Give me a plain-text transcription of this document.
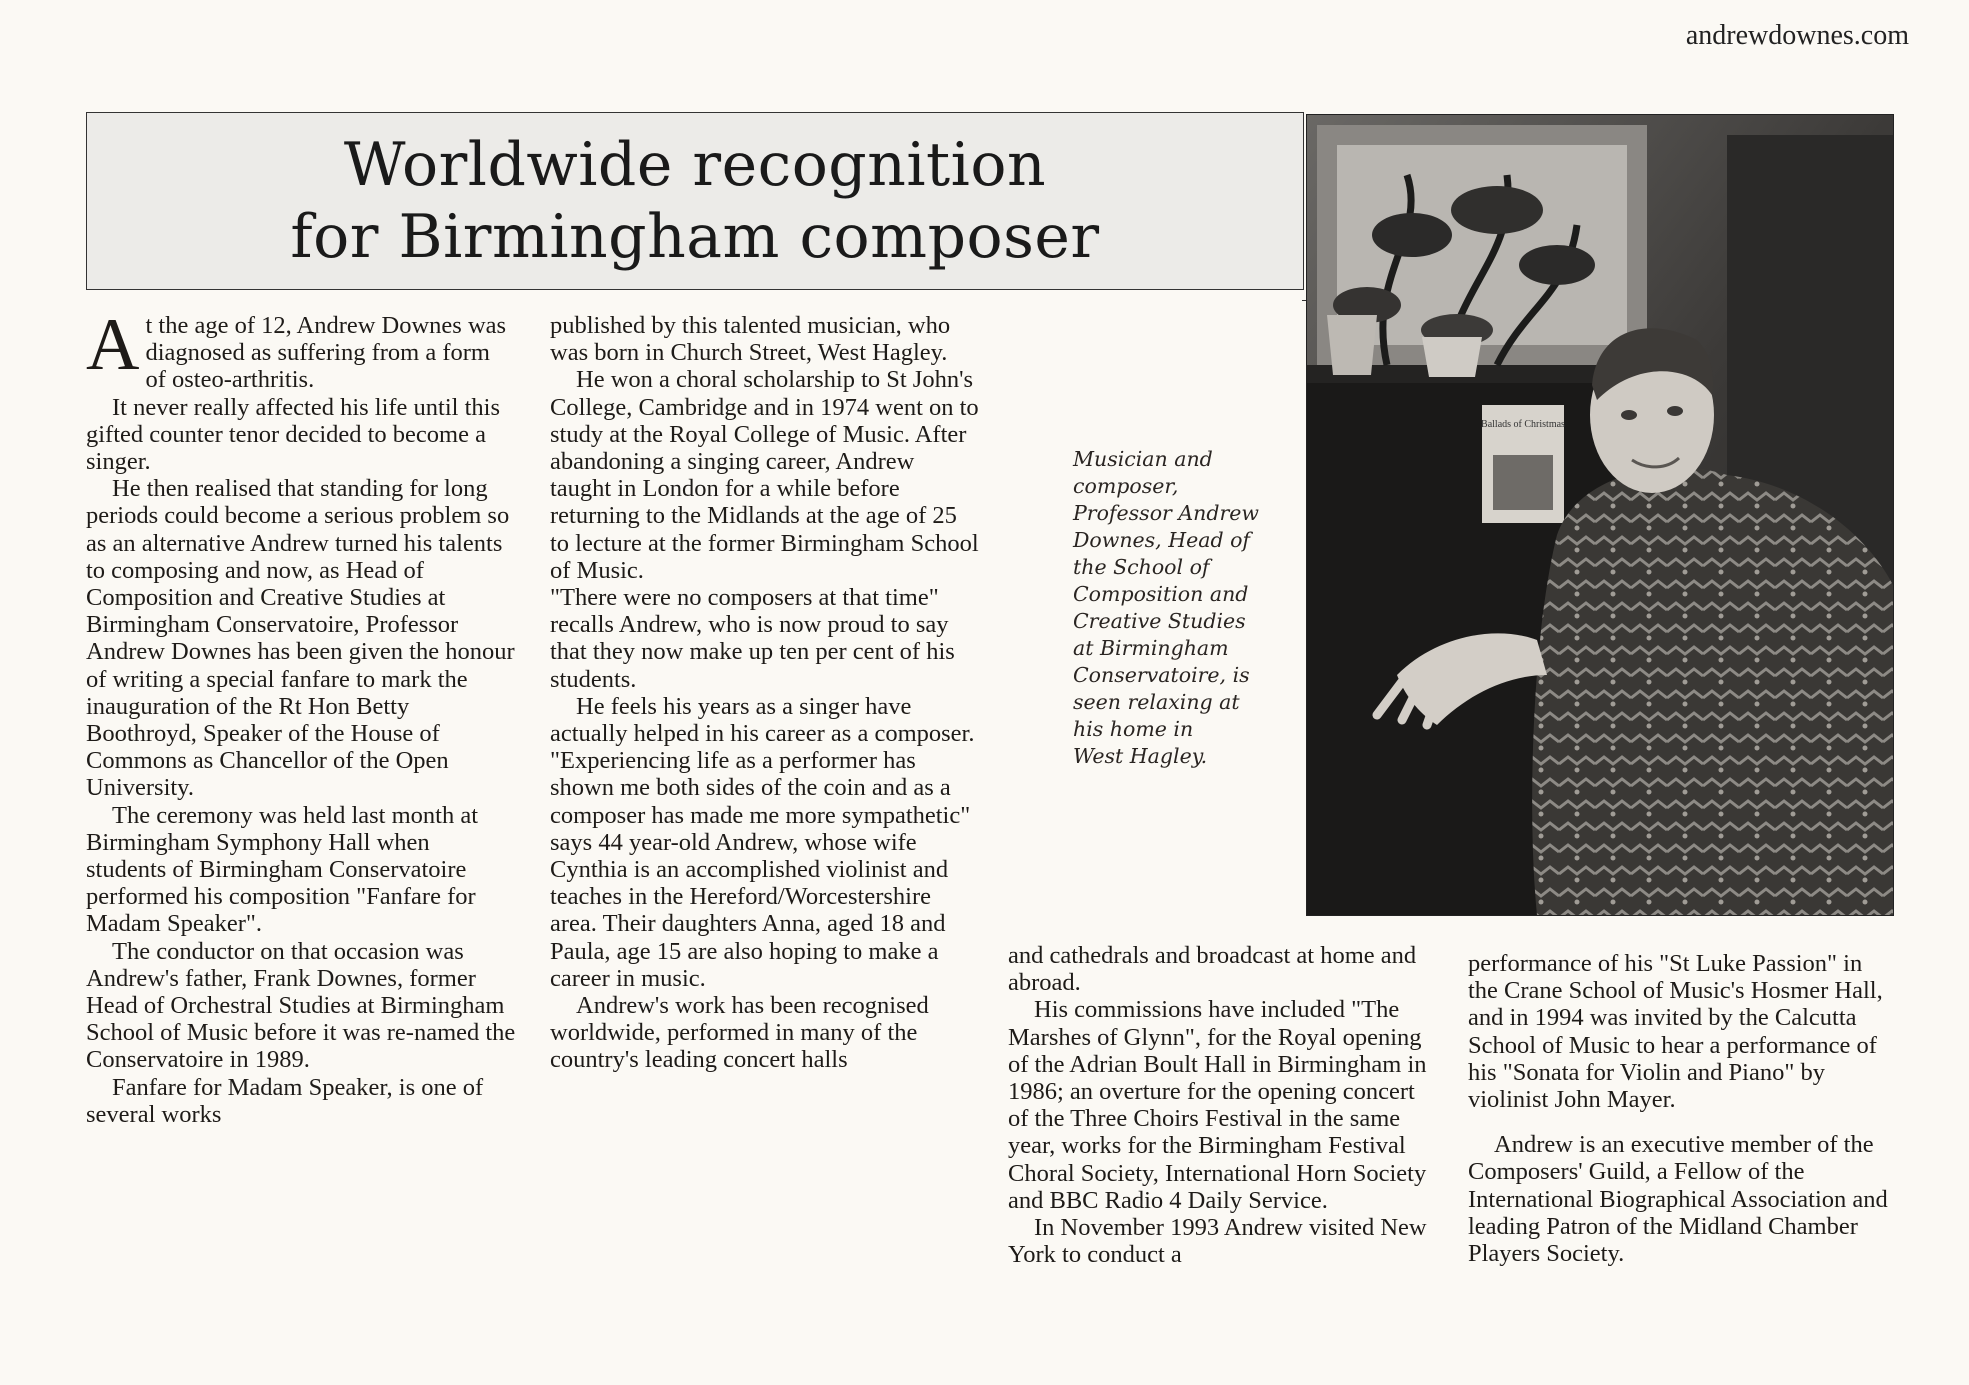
andrewdownes.com
Worldwide recognition
for Birmingham composer

At the age of 12, Andrew Downes was diagnosed as suffering from a form of osteo-arthritis.

It never really affected his life until this gifted counter tenor decided to become a singer.

He then realised that standing for long periods could become a serious problem so as an alternative Andrew turned his talents to composing and now, as Head of Composition and Creative Studies at Birmingham Conservatoire, Professor Andrew Downes has been given the honour of writing a special fanfare to mark the inauguration of the Rt Hon Betty Boothroyd, Speaker of the House of Commons as Chancellor of the Open University.

The ceremony was held last month at Birmingham Symphony Hall when students of Birmingham Conservatoire performed his composition "Fanfare for Madam Speaker".

The conductor on that occasion was Andrew's father, Frank Downes, former Head of Orchestral Studies at Birmingham School of Music before it was re-named the Conservatoire in 1989.

Fanfare for Madam Speaker, is one of several works

published by this talented musician, who was born in Church Street, West Hagley.

He won a choral scholarship to St John's College, Cambridge and in 1974 went on to study at the Royal College of Music. After abandoning a singing career, Andrew taught in London for a while before returning to the Midlands at the age of 25 to lecture at the former Birmingham School of Music.

"There were no composers at that time" recalls Andrew, who is now proud to say that they now make up ten per cent of his students.

He feels his years as a singer have actually helped in his career as a composer.

"Experiencing life as a performer has shown me both sides of the coin and as a composer has made me more sympathetic" says 44 year-old Andrew, whose wife Cynthia is an accomplished violinist and teaches in the Hereford/Worcestershire area. Their daughters Anna, aged 18 and Paula, age 15 are also hoping to make a career in music.

Andrew's work has been recognised worldwide, performed in many of the country's leading concert halls

and cathedrals and broadcast at home and abroad.

His commissions have included "The Marshes of Glynn", for the Royal opening of the Adrian Boult Hall in Birmingham in 1986; an overture for the opening concert of the Three Choirs Festival in the same year, works for the Birmingham Festival Choral Society, International Horn Society and BBC Radio 4 Daily Service.

In November 1993 Andrew visited New York to conduct a

performance of his "St Luke Passion" in the Crane School of Music's Hosmer Hall, and in 1994 was invited by the Calcutta School of Music to hear a performance of his "Sonata for Violin and Piano" by violinist John Mayer.

Andrew is an executive member of the Composers' Guild, a Fellow of the International Biographical Association and leading Patron of the Midland Chamber Players Society.

Musician and
composer,
Professor Andrew
Downes, Head of
the School of
Composition and
Creative Studies
at Birmingham
Conservatoire, is
seen relaxing at
his home in
West Hagley.
Ballads of Christmas
